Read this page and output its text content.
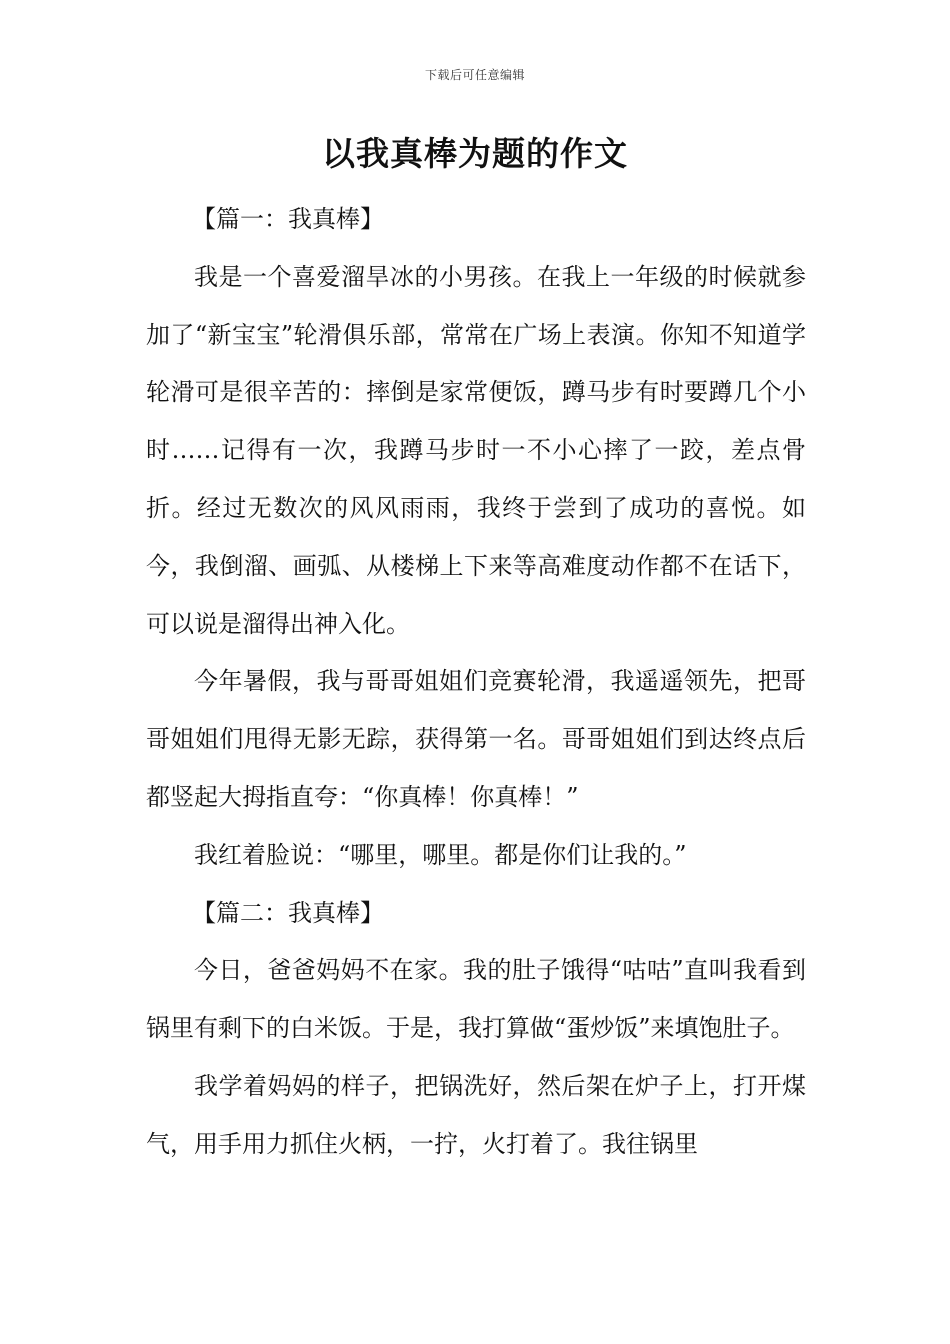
下载后可任意编辑
以我真棒为题的作文
【篇一：我真棒】

我是一个喜爱溜旱冰的小男孩。在我上一年级的时候就参加了“新宝宝”轮滑俱乐部，常常在广场上表演。你知不知道学轮滑可是很辛苦的：摔倒是家常便饭，蹲马步有时要蹲几个小时……记得有一次，我蹲马步时一不小心摔了一跤，差点骨折。经过无数次的风风雨雨，我终于尝到了成功的喜悦。如今，我倒溜、画弧、从楼梯上下来等高难度动作都不在话下，可以说是溜得出神入化。

今年暑假，我与哥哥姐姐们竞赛轮滑，我遥遥领先，把哥哥姐姐们甩得无影无踪，获得第一名。哥哥姐姐们到达终点后都竖起大拇指直夸：“你真棒！你真棒！”

我红着脸说：“哪里，哪里。都是你们让我的。”

【篇二：我真棒】

今日，爸爸妈妈不在家。我的肚子饿得“咕咕”直叫我看到锅里有剩下的白米饭。于是，我打算做“蛋炒饭”来填饱肚子。

我学着妈妈的样子，把锅洗好，然后架在炉子上，打开煤气，用手用力抓住火柄，一拧，火打着了。我往锅里
